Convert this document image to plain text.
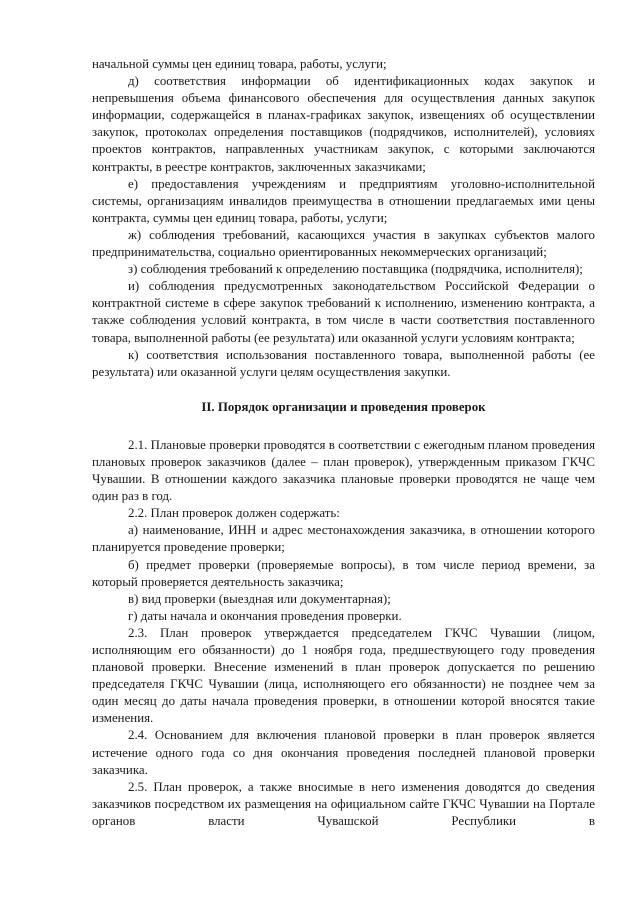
начальной суммы цен единиц товара, работы, услуги;

д) соответствия информации об идентификационных кодах закупок и непревышения объема финансового обеспечения для осуществления данных закупок информации, содержащейся в планах-графиках закупок, извещениях об осуществлении закупок, протоколах определения поставщиков (подрядчиков, исполнителей), условиях проектов контрактов, направленных участникам закупок, с которыми заключаются контракты, в реестре контрактов, заключенных заказчиками;

е) предоставления учреждениям и предприятиям уголовно-исполнительной системы, организациям инвалидов преимущества в отношении предлагаемых ими цены контракта, суммы цен единиц товара, работы, услуги;

ж) соблюдения требований, касающихся участия в закупках субъектов малого предпринимательства, социально ориентированных некоммерческих организаций;

з) соблюдения требований к определению поставщика (подрядчика, исполнителя);

и) соблюдения предусмотренных законодательством Российской Федерации о контрактной системе в сфере закупок требований к исполнению, изменению контракта, а также соблюдения условий контракта, в том числе в части соответствия поставленного товара, выполненной работы (ее результата) или оказанной услуги условиям контракта;

к) соответствия использования поставленного товара, выполненной работы (ее результата) или оказанной услуги целям осуществления закупки.

II. Порядок организации и проведения проверок

2.1. Плановые проверки проводятся в соответствии с ежегодным планом проведения плановых проверок заказчиков (далее – план проверок), утвержденным приказом ГКЧС Чувашии. В отношении каждого заказчика плановые проверки проводятся не чаще чем один раз в год.

2.2. План проверок должен содержать:

а) наименование, ИНН и адрес местонахождения заказчика, в отношении которого планируется проведение проверки;

б) предмет проверки (проверяемые вопросы), в том числе период времени, за который проверяется деятельность заказчика;

в) вид проверки (выездная или документарная);

г) даты начала и окончания проведения проверки.

2.3. План проверок утверждается председателем ГКЧС Чувашии (лицом, исполняющим его обязанности) до 1 ноября года, предшествующего году проведения плановой проверки. Внесение изменений в план проверок допускается по решению председателя ГКЧС Чувашии (лица, исполняющего его обязанности) не позднее чем за один месяц до даты начала проведения проверки, в отношении которой вносятся такие изменения.

2.4. Основанием для включения плановой проверки в план проверок является истечение одного года со дня окончания проведения последней плановой проверки заказчика.

2.5. План проверок, а также вносимые в него изменения доводятся до сведения заказчиков посредством их размещения на официальном сайте ГКЧС Чувашии на Портале органов власти Чувашской Республики в
